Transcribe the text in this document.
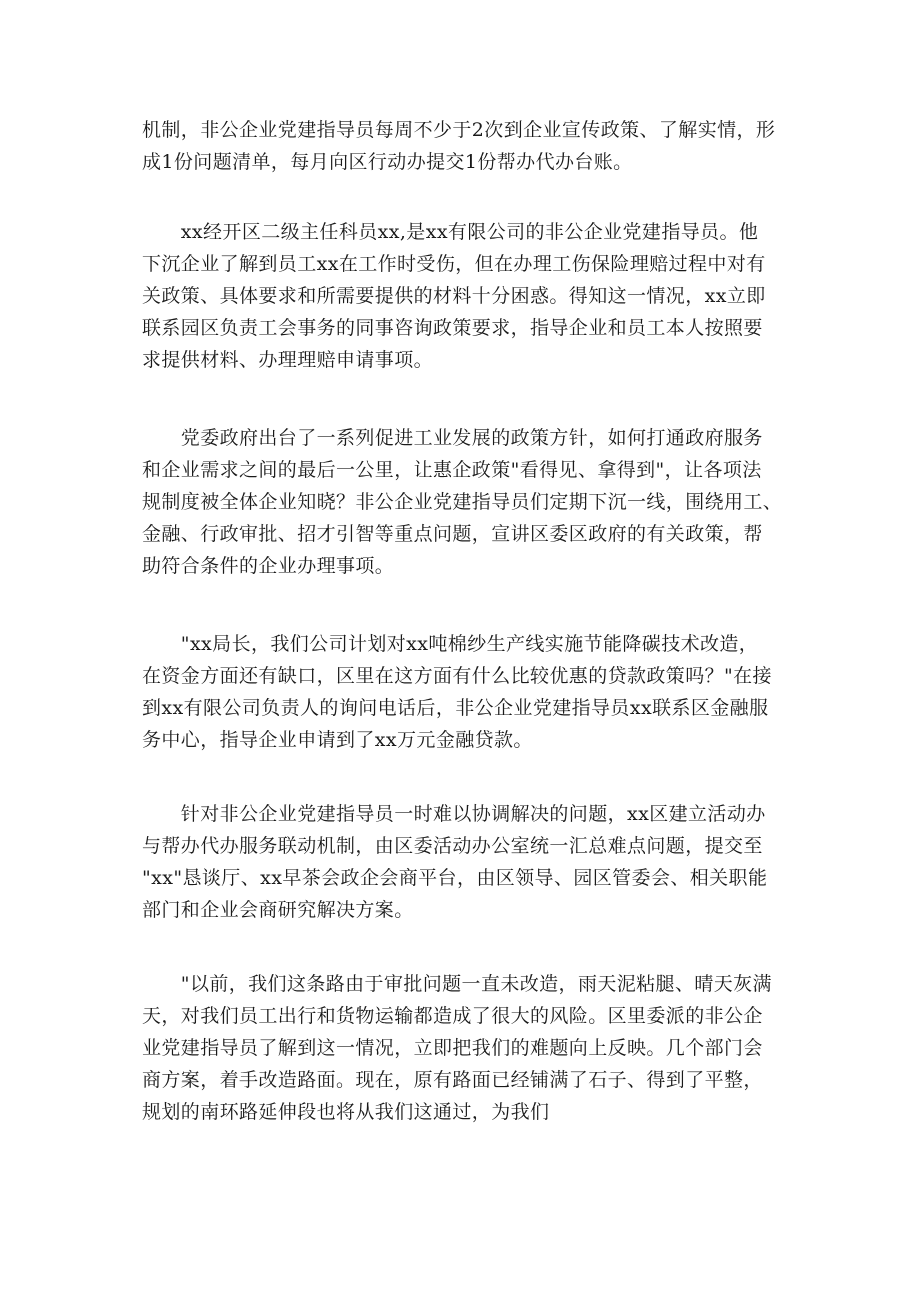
机制，非公企业党建指导员每周不少于2次到企业宣传政策、了解实情，形
成1份问题清单，每月向区行动办提交1份帮办代办台账。
　　xx经开区二级主任科员xx,是xx有限公司的非公企业党建指导员。他
下沉企业了解到员工xx在工作时受伤，但在办理工伤保险理赔过程中对有
关政策、具体要求和所需要提供的材料十分困惑。得知这一情况，xx立即
联系园区负责工会事务的同事咨询政策要求，指导企业和员工本人按照要
求提供材料、办理理赔申请事项。
　　党委政府出台了一系列促进工业发展的政策方针，如何打通政府服务
和企业需求之间的最后一公里，让惠企政策"看得见、拿得到"，让各项法
规制度被全体企业知晓？非公企业党建指导员们定期下沉一线，围绕用工、
金融、行政审批、招才引智等重点问题，宣讲区委区政府的有关政策，帮
助符合条件的企业办理事项。
　　"xx局长，我们公司计划对xx吨棉纱生产线实施节能降碳技术改造，
在资金方面还有缺口，区里在这方面有什么比较优惠的贷款政策吗？"在接
到xx有限公司负责人的询问电话后，非公企业党建指导员xx联系区金融服
务中心，指导企业申请到了xx万元金融贷款。
　　针对非公企业党建指导员一时难以协调解决的问题，xx区建立活动办
与帮办代办服务联动机制，由区委活动办公室统一汇总难点问题，提交至
"xx"恳谈厅、xx早茶会政企会商平台，由区领导、园区管委会、相关职能
部门和企业会商研究解决方案。
　　"以前，我们这条路由于审批问题一直未改造，雨天泥粘腿、晴天灰满
天，对我们员工出行和货物运输都造成了很大的风险。区里委派的非公企
业党建指导员了解到这一情况，立即把我们的难题向上反映。几个部门会
商方案，着手改造路面。现在，原有路面已经铺满了石子、得到了平整，
规划的南环路延伸段也将从我们这通过，为我们
